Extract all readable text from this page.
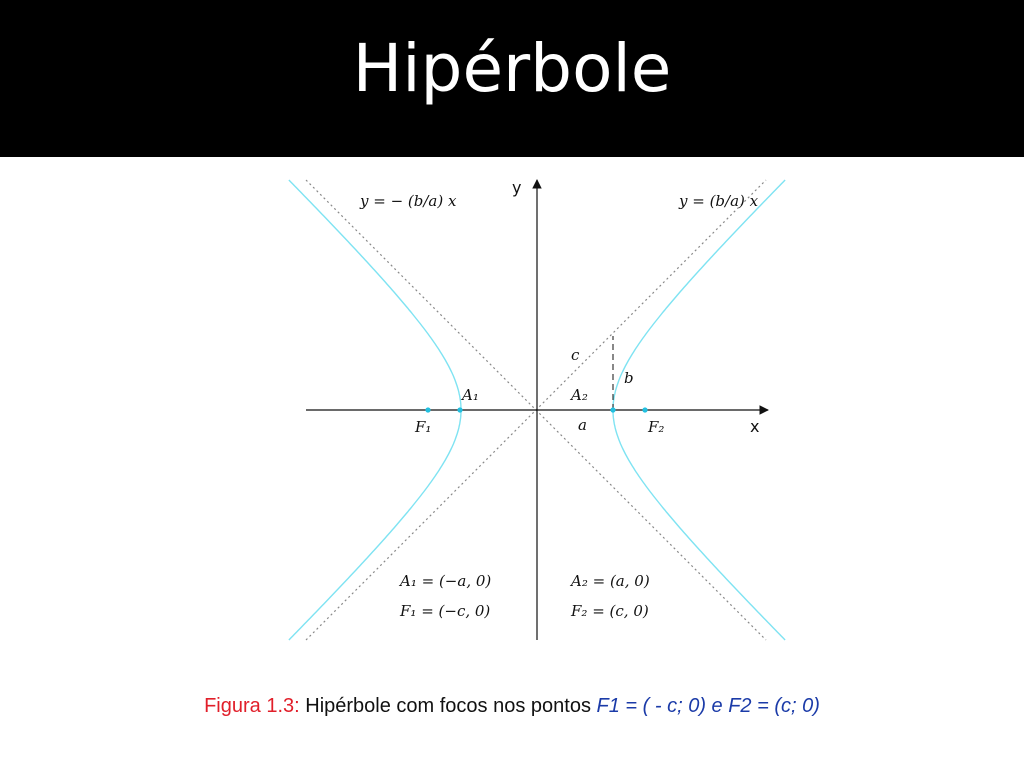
Hipérbole
y
x
y = − (b/a) x	y = (b/a) x
c
b
a
A₁	A₂
F₁	F₂
A₁ = (−a, 0)
F₁ = (−c, 0)
A₂ = (a, 0)
F₂ = (c, 0)
Figura 1.3: Hipérbole com focos nos pontos F1 = ( - c; 0) e F2 = (c; 0)
